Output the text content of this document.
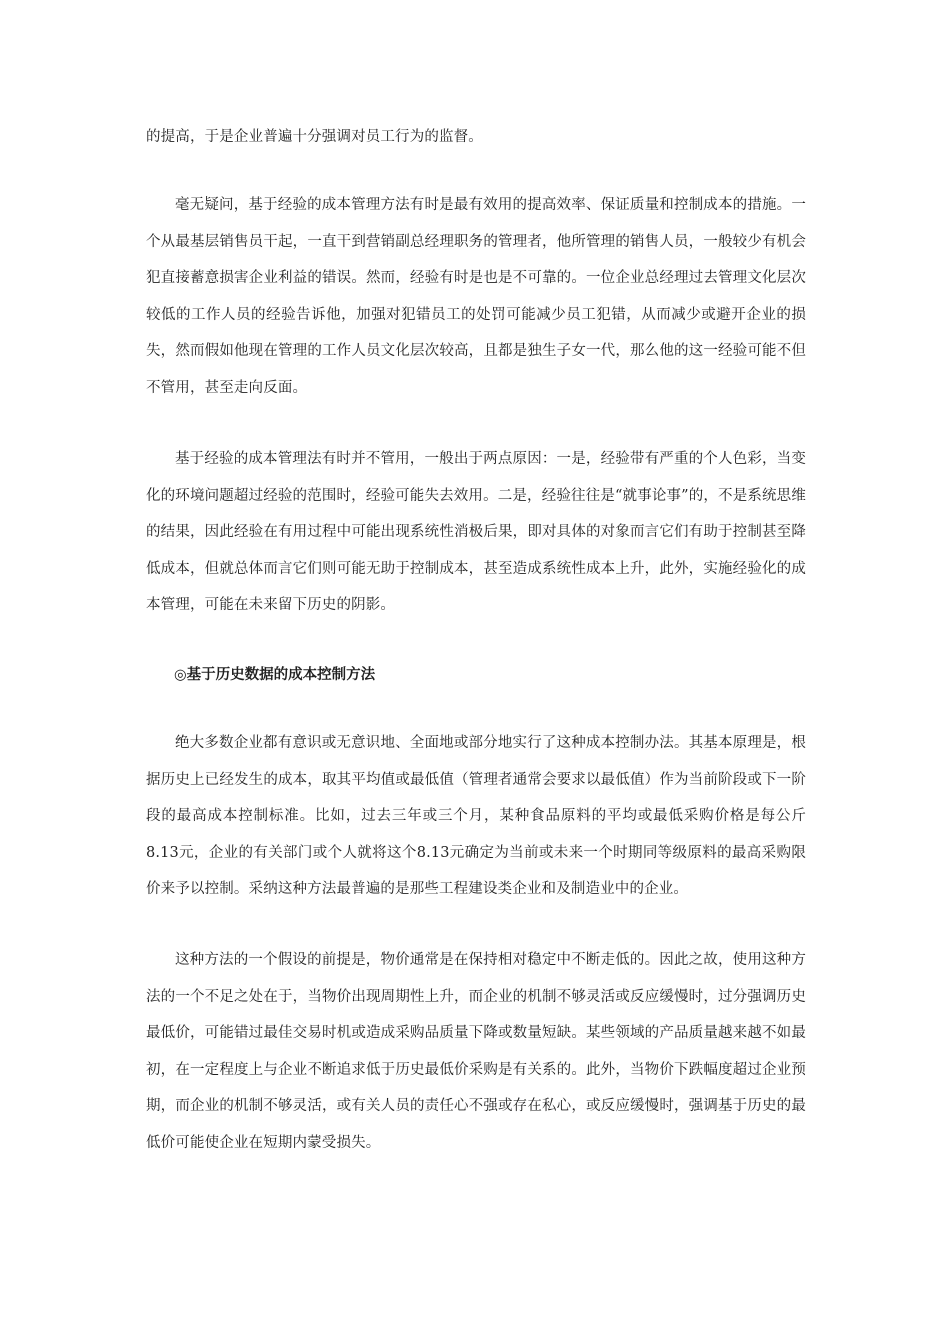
的提高，于是企业普遍十分强调对员工行为的监督。

毫无疑问，基于经验的成本管理方法有时是最有效用的提高效率、保证质量和控制成本的措施。一个从最基层销售员干起，一直干到营销副总经理职务的管理者，他所管理的销售人员，一般较少有机会犯直接蓄意损害企业利益的错误。然而，经验有时是也是不可靠的。一位企业总经理过去管理文化层次较低的工作人员的经验告诉他，加强对犯错员工的处罚可能减少员工犯错，从而减少或避开企业的损失，然而假如他现在管理的工作人员文化层次较高，且都是独生子女一代，那么他的这一经验可能不但不管用，甚至走向反面。

基于经验的成本管理法有时并不管用，一般出于两点原因：一是，经验带有严重的个人色彩，当变化的环境问题超过经验的范围时，经验可能失去效用。二是，经验往往是“就事论事”的，不是系统思维的结果，因此经验在有用过程中可能出现系统性消极后果，即对具体的对象而言它们有助于控制甚至降低成本，但就总体而言它们则可能无助于控制成本，甚至造成系统性成本上升，此外，实施经验化的成本管理，可能在未来留下历史的阴影。

◎基于历史数据的成本控制方法

绝大多数企业都有意识或无意识地、全面地或部分地实行了这种成本控制办法。其基本原理是，根据历史上已经发生的成本，取其平均值或最低值（管理者通常会要求以最低值）作为当前阶段或下一阶段的最高成本控制标准。比如，过去三年或三个月，某种食品原料的平均或最低采购价格是每公斤8.13元，企业的有关部门或个人就将这个8.13元确定为当前或未来一个时期同等级原料的最高采购限价来予以控制。采纳这种方法最普遍的是那些工程建设类企业和及制造业中的企业。

这种方法的一个假设的前提是，物价通常是在保持相对稳定中不断走低的。因此之故，使用这种方法的一个不足之处在于，当物价出现周期性上升，而企业的机制不够灵活或反应缓慢时，过分强调历史最低价，可能错过最佳交易时机或造成采购品质量下降或数量短缺。某些领域的产品质量越来越不如最初，在一定程度上与企业不断追求低于历史最低价采购是有关系的。此外，当物价下跌幅度超过企业预期，而企业的机制不够灵活，或有关人员的责任心不强或存在私心，或反应缓慢时，强调基于历史的最低价可能使企业在短期内蒙受损失。
